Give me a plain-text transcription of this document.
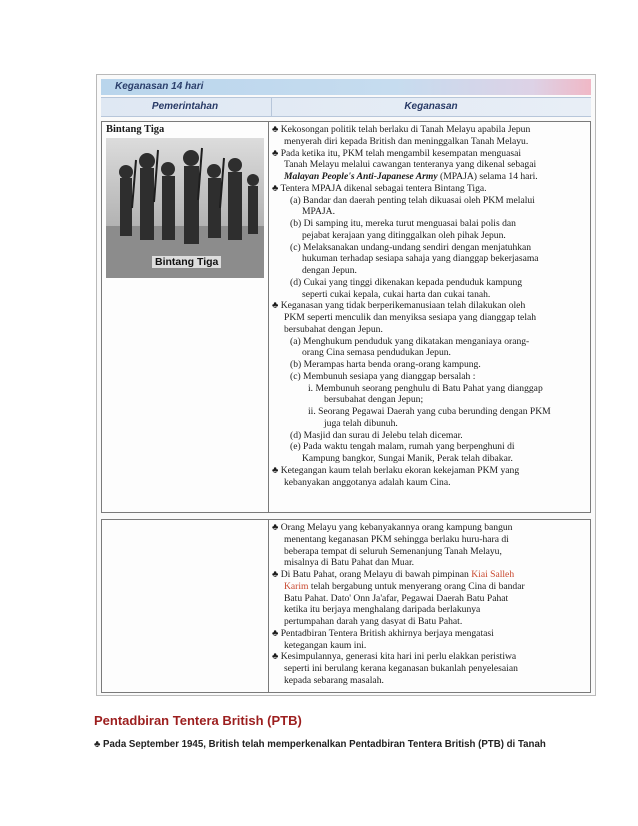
Keganasan 14 hari
Pemerintahan	Keganasan
Bintang Tiga
Bintang Tiga
♣ Kekosongan politik telah berlaku di Tanah Melayu apabila Jepun
menyerah diri kepada British dan meninggalkan Tanah Melayu.
♣ Pada ketika itu, PKM telah mengambil kesempatan menguasai
Tanah Melayu melalui cawangan tenteranya yang dikenal sebagai
Malayan People's Anti-Japanese Army (MPAJA) selama 14 hari.
♣ Tentera MPAJA dikenal sebagai tentera Bintang Tiga.
(a) Bandar dan daerah penting telah dikuasai oleh PKM melalui
MPAJA.
(b) Di samping itu, mereka turut menguasai balai polis dan
pejabat kerajaan yang ditinggalkan oleh pihak Jepun.
(c) Melaksanakan undang-undang sendiri dengan menjatuhkan
hukuman terhadap sesiapa sahaja yang dianggap bekerjasama
dengan Jepun.
(d) Cukai yang tinggi dikenakan kepada penduduk kampung
seperti cukai kepala, cukai harta dan cukai tanah.
♣ Keganasan yang tidak berperikemanusiaan telah dilakukan oleh
PKM seperti menculik dan menyiksa sesiapa yang dianggap telah
bersubahat dengan Jepun.
(a) Menghukum penduduk yang dikatakan menganiaya orang-
orang Cina semasa pendudukan Jepun.
(b) Merampas harta benda orang-orang kampung.
(c) Membunuh sesiapa yang dianggap bersalah :
i. Membunuh seorang penghulu di Batu Pahat yang dianggap
bersubahat dengan Jepun;
ii. Seorang Pegawai Daerah yang cuba berunding dengan PKM
juga telah dibunuh.
(d) Masjid dan surau di Jelebu telah dicemar.
(e) Pada waktu tengah malam, rumah yang berpenghuni di
Kampung bangkor, Sungai Manik, Perak telah dibakar.
♣ Ketegangan kaum telah berlaku ekoran kekejaman PKM yang
kebanyakan anggotanya adalah kaum Cina.
♣ Orang Melayu yang kebanyakannya orang kampung bangun
menentang keganasan PKM sehingga berlaku huru-hara di
beberapa tempat di seluruh Semenanjung Tanah Melayu,
misalnya di Batu Pahat dan Muar.
♣ Di Batu Pahat, orang Melayu di bawah pimpinan Kiai Salleh
Karim telah bergabung untuk menyerang orang Cina di bandar
Batu Pahat. Dato' Onn Ja'afar, Pegawai Daerah Batu Pahat
ketika itu berjaya menghalang daripada berlakunya
pertumpahan darah yang dasyat di Batu Pahat.
♣ Pentadbiran Tentera British akhirnya berjaya mengatasi
ketegangan kaum ini.
♣ Kesimpulannya, generasi kita hari ini perlu elakkan peristiwa
seperti ini berulang kerana keganasan bukanlah penyelesaian
kepada sebarang masalah.
Pentadbiran Tentera British (PTB)
♣ Pada September 1945, British telah memperkenalkan Pentadbiran Tentera British (PTB) di Tanah
